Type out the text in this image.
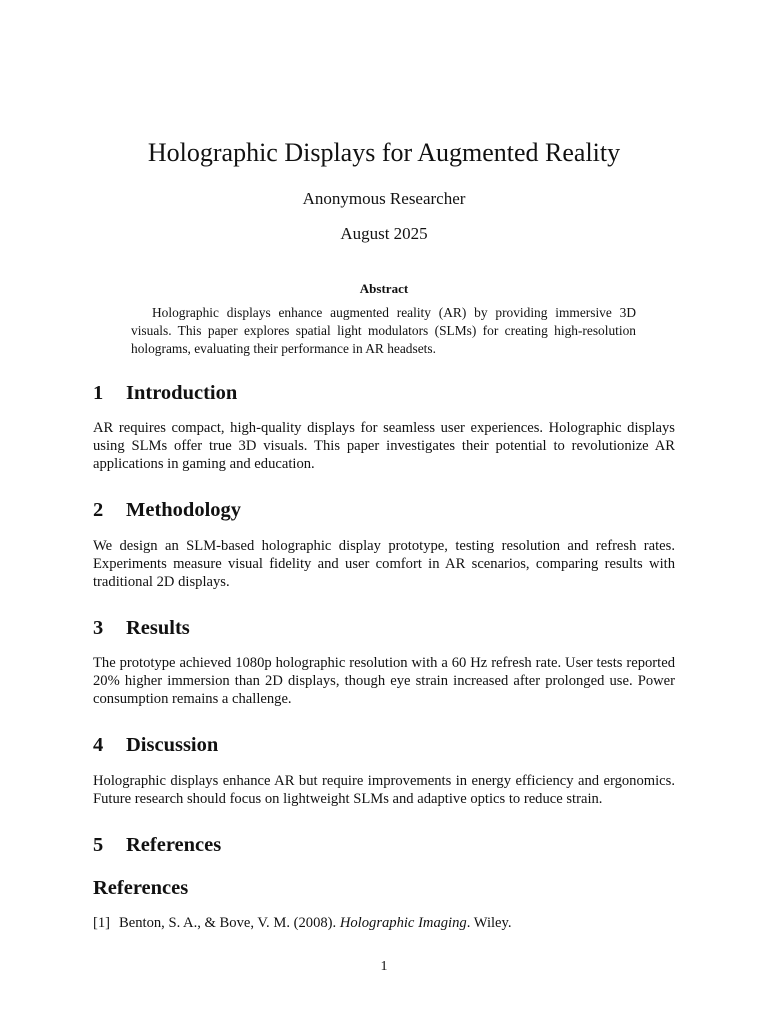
Holographic Displays for Augmented Reality
Anonymous Researcher
August 2025
Abstract

Holographic displays enhance augmented reality (AR) by providing immersive 3D visuals. This paper explores spatial light modulators (SLMs) for creating high-resolution holograms, evaluating their performance in AR headsets.

1 Introduction

AR requires compact, high-quality displays for seamless user experiences. Holographic displays using SLMs offer true 3D visuals. This paper investigates their potential to revolutionize AR applications in gaming and education.

2 Methodology

We design an SLM-based holographic display prototype, testing resolution and refresh rates. Experiments measure visual fidelity and user comfort in AR scenarios, comparing results with traditional 2D displays.

3 Results

The prototype achieved 1080p holographic resolution with a 60 Hz refresh rate. User tests reported 20% higher immersion than 2D displays, though eye strain increased after prolonged use. Power consumption remains a challenge.

4 Discussion

Holographic displays enhance AR but require improvements in energy efficiency and ergonomics. Future research should focus on lightweight SLMs and adaptive optics to reduce strain.

5 References
References
[1] Benton, S. A., & Bove, V. M. (2008). Holographic Imaging. Wiley.
1
